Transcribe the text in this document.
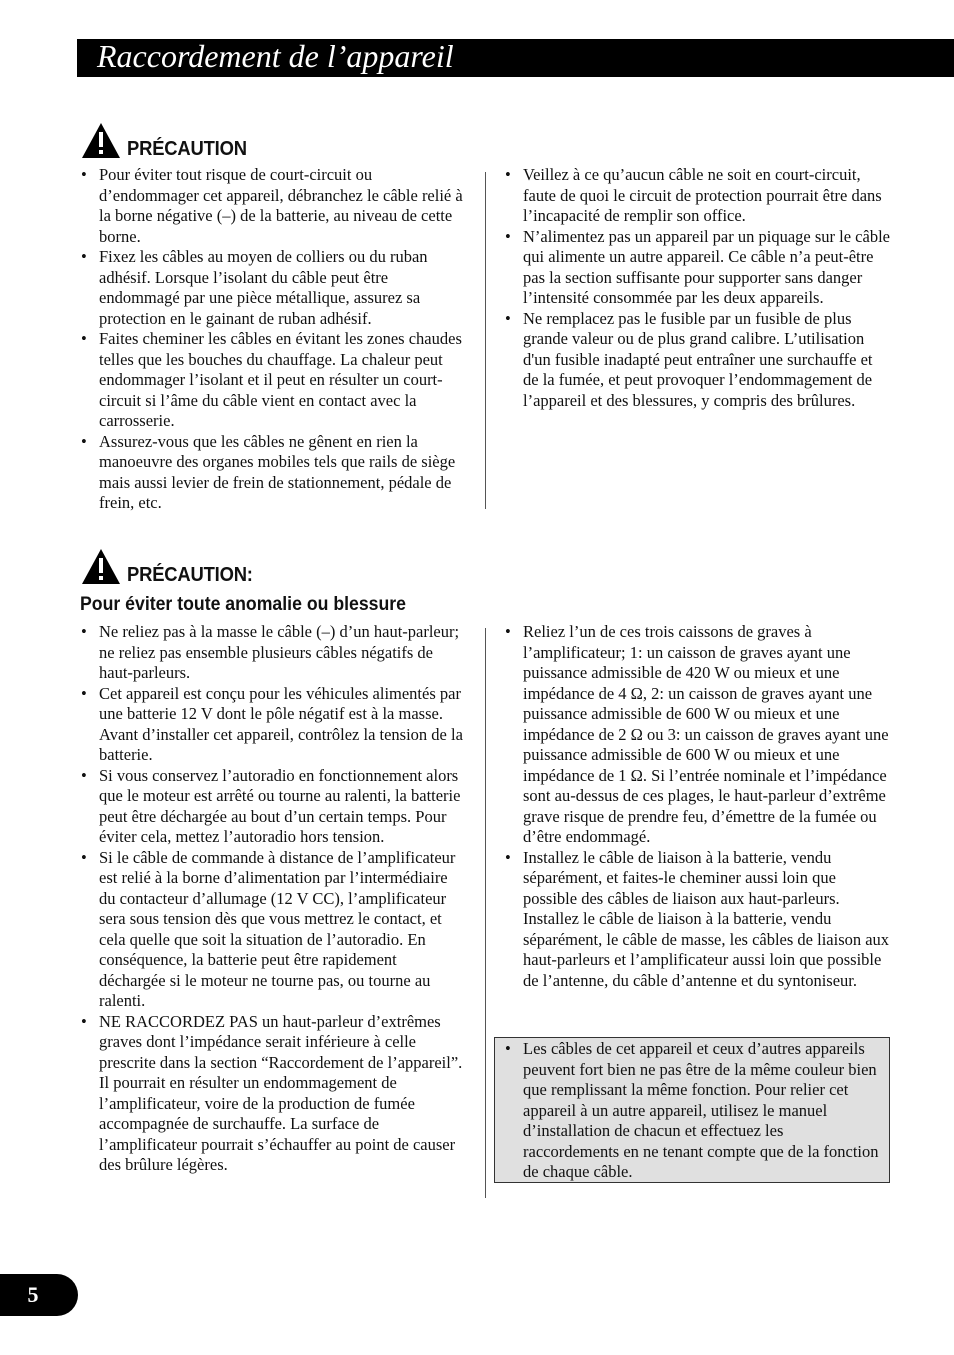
Raccordement de l’appareil
PRÉCAUTION
• Pour éviter tout risque de court-circuit ou d’endommager cet appareil, débranchez le câble relié à la borne négative (–) de la batterie, au niveau de cette borne.
• Fixez les câbles au moyen de colliers ou du ruban adhésif. Lorsque l’isolant du câble peut être endommagé par une pièce métallique, assurez sa protection en le gainant de ruban adhésif.
• Faites cheminer les câbles en évitant les zones chaudes telles que les bouches du chauffage. La chaleur peut endommager l’isolant et il peut en résulter un court-circuit si l’âme du câble vient en contact avec la carrosserie.
• Assurez-vous que les câbles ne gênent en rien la manoeuvre des organes mobiles tels que rails de siège mais aussi levier de frein de stationnement, pédale de frein, etc.
• Veillez à ce qu’aucun câble ne soit en court-circuit, faute de quoi le circuit de protection pourrait être dans l’incapacité de remplir son office.
• N’alimentez pas un appareil par un piquage sur le câble qui alimente un autre appareil. Ce câble n’a peut-être pas la section suffisante pour supporter sans danger l’intensité consommée par les deux appareils.
• Ne remplacez pas le fusible par un fusible de plus grande valeur ou de plus grand calibre. L’utilisation d'un fusible inadapté peut entraîner une surchauffe et de la fumée, et peut provoquer l’endommagement de l’appareil et des blessures, y compris des brûlures.
PRÉCAUTION:
Pour éviter toute anomalie ou blessure
• Ne reliez pas à la masse le câble (–) d’un haut-parleur; ne reliez pas ensemble plusieurs câbles négatifs de haut-parleurs.
• Cet appareil est conçu pour les véhicules alimentés par une batterie 12 V dont le pôle négatif est à la masse. Avant d’installer cet appareil, contrôlez la tension de la batterie.
• Si vous conservez l’autoradio en fonctionnement alors que le moteur est arrêté ou tourne au ralenti, la batterie peut être déchargée au bout d’un certain temps. Pour éviter cela, mettez l’autoradio hors tension.
• Si le câble de commande à distance de l’amplificateur est relié à la borne d’alimentation par l’intermédiaire du contacteur d’allumage (12 V CC), l’amplificateur sera sous tension dès que vous mettrez le contact, et cela quelle que soit la situation de l’autoradio. En conséquence, la batterie peut être rapidement déchargée si le moteur ne tourne pas, ou tourne au ralenti.
• NE RACCORDEZ PAS un haut-parleur d’extrêmes graves dont l’impédance serait inférieure à celle prescrite dans la section “Raccordement de l’appareil”. Il pourrait en résulter un endommagement de l’amplificateur, voire de la production de fumée accompagnée de surchauffe. La surface de l’amplificateur pourrait s’échauffer au point de causer des brûlure légères.
• Reliez l’un de ces trois caissons de graves à l’amplificateur; 1: un caisson de graves ayant une puissance admissible de 420 W ou mieux et une impédance de 4 Ω, 2: un caisson de graves ayant une puissance admissible de 600 W ou mieux et une impédance de 2 Ω ou 3: un caisson de graves ayant une puissance admissible de 600 W ou mieux et une impédance de 1 Ω. Si l’entrée nominale et l’impédance sont au-dessus de ces plages, le haut-parleur d’extrême grave risque de prendre feu, d’émettre de la fumée ou d’être endommagé.
• Installez le câble de liaison à la batterie, vendu séparément, et faites-le cheminer aussi loin que possible des câbles de liaison aux haut-parleurs. Installez le câble de liaison à la batterie, vendu séparément, le câble de masse, les câbles de liaison aux haut-parleurs et l’amplificateur aussi loin que possible de l’antenne, du câble d’antenne et du syntoniseur.
• Les câbles de cet appareil et ceux d’autres appareils peuvent fort bien ne pas être de la même couleur bien que remplissant la même fonction. Pour relier cet appareil à un autre appareil, utilisez le manuel d’installation de chacun et effectuez les raccordements en ne tenant compte que de la fonction de chaque câble.
5
